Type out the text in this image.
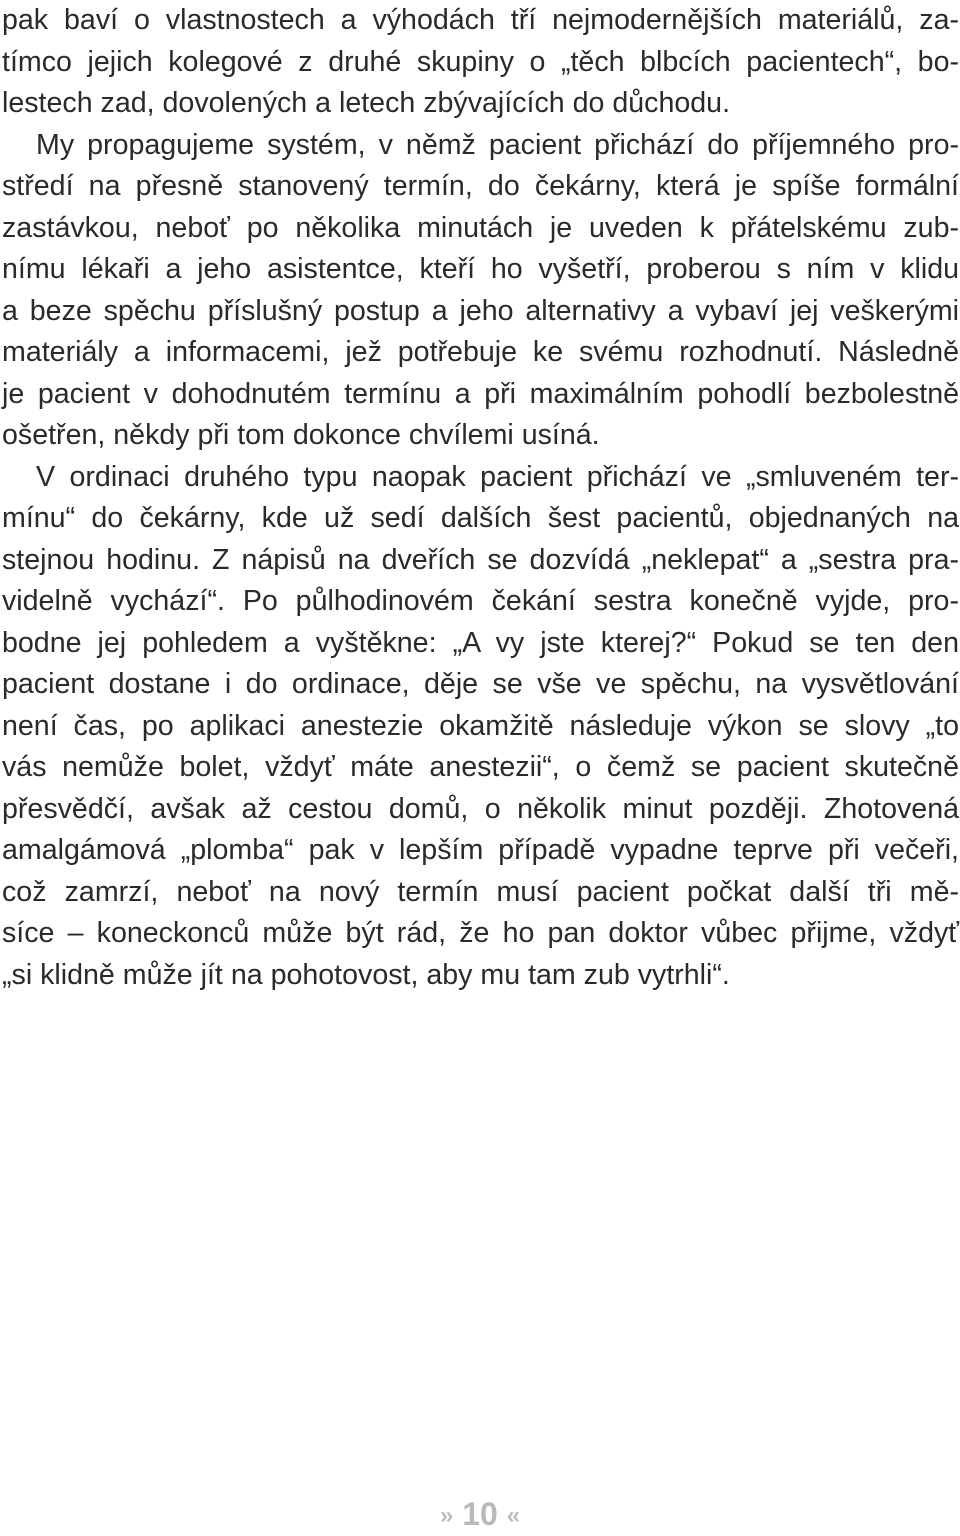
pak baví o vlastnostech a výhodách tří nejmodernějších materiálů, za-
tímco jejich kolegové z druhé skupiny o „těch blbcích pacientech“, bo-
lestech zad, dovolených a letech zbývajících do důchodu.
My propagujeme systém, v němž pacient přichází do příjemného pro-
středí na přesně stanovený termín, do čekárny, která je spíše formální
zastávkou, neboť po několika minutách je uveden k přátelskému zub-
nímu lékaři a jeho asistentce, kteří ho vyšetří, proberou s ním v klidu
a beze spěchu příslušný postup a jeho alternativy a vybaví jej veškerými
materiály a informacemi, jež potřebuje ke svému rozhodnutí. Následně
je pacient v dohodnutém termínu a při maximálním pohodlí bezbolestně
ošetřen, někdy při tom dokonce chvílemi usíná.
V ordinaci druhého typu naopak pacient přichází ve „smluveném ter-
mínu“ do čekárny, kde už sedí dalších šest pacientů, objednaných na
stejnou hodinu. Z nápisů na dveřích se dozvídá „neklepat“ a „sestra pra-
videlně vychází“. Po půlhodinovém čekání sestra konečně vyjde, pro-
bodne jej pohledem a vyštěkne: „A vy jste kterej?“ Pokud se ten den
pacient dostane i do ordinace, děje se vše ve spěchu, na vysvětlování
není čas, po aplikaci anestezie okamžitě následuje výkon se slovy „to
vás nemůže bolet, vždyť máte anestezii“, o čemž se pacient skutečně
přesvědčí, avšak až cestou domů, o několik minut později. Zhotovená
amalgámová „plomba“ pak v lepším případě vypadne teprve při večeři,
což zamrzí, neboť na nový termín musí pacient počkat další tři mě-
síce – koneckonců může být rád, že ho pan doktor vůbec přijme, vždyť
„si klidně může jít na pohotovost, aby mu tam zub vytrhli“.
» 10 «
